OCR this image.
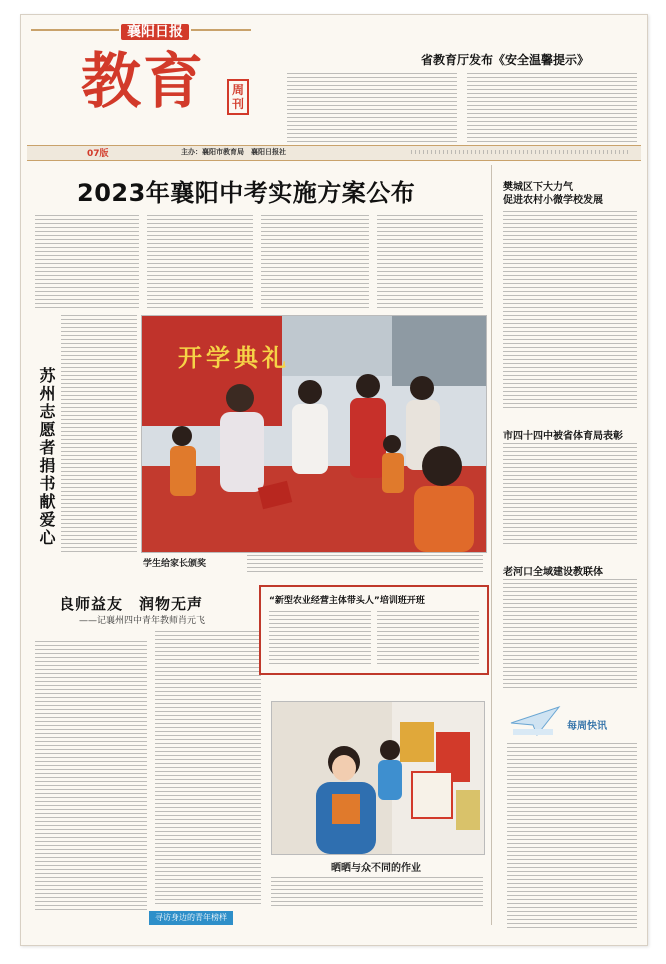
襄阳日报
教育	周刊
省教育厅发布《安全温馨提示》
07版	主办：襄阳市教育局　襄阳日报社
2023年襄阳中考实施方案公布
苏州志愿者捐书献爱心
开学典礼
学生给家长颁奖
樊城区下大力气
促进农村小微学校发展
市四十四中被省体育局表彰
老河口全域建设教联体
每周快讯
良师益友　润物无声
——记襄州四中青年教师肖元飞
寻访身边的青年榜样
“新型农业经营主体带头人”培训班开班
晒晒与众不同的作业
